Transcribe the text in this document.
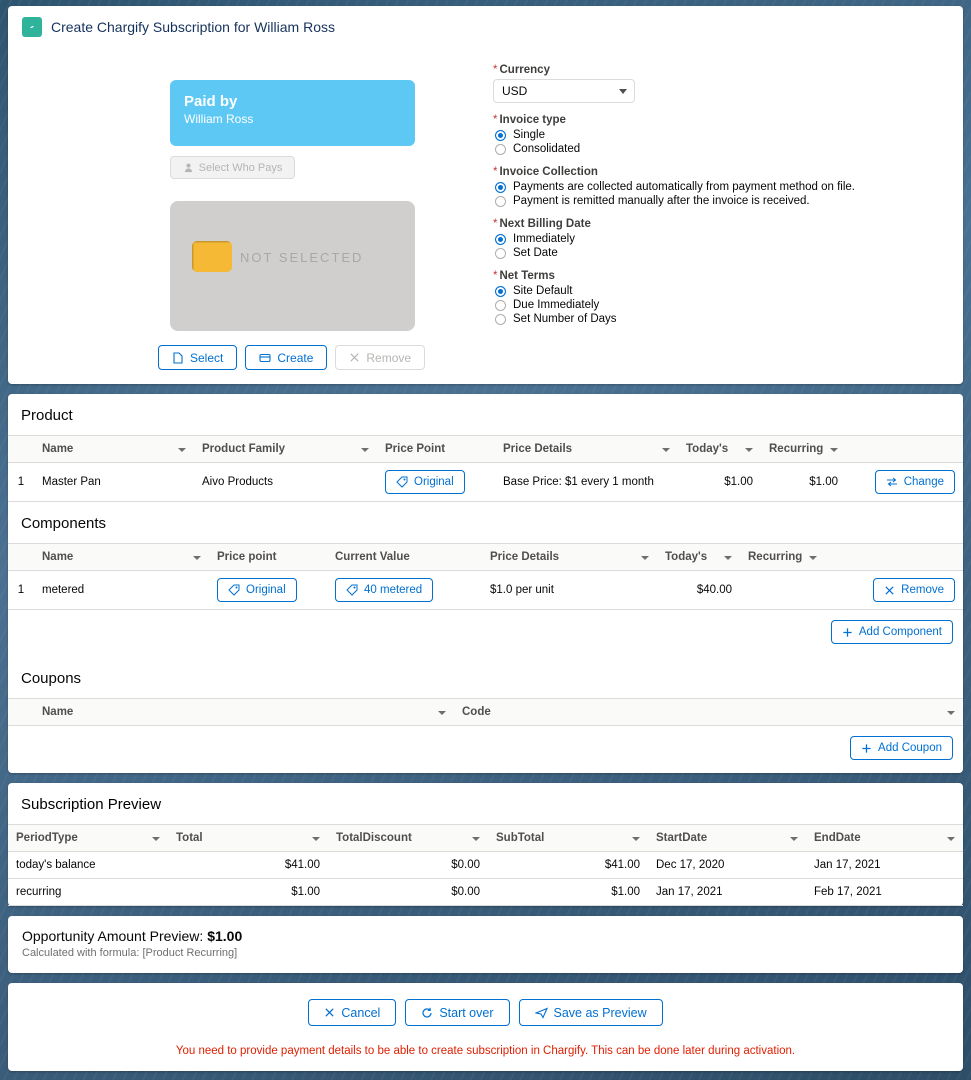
Create Chargify Subscription for William Ross
Paid by
William Ross
Select Who Pays
NOT SELECTED
Select	Create	Remove
* Currency
USD
* Invoice type
Single
Consolidated
* Invoice Collection
Payments are collected automatically from payment method on file.
Payment is remitted manually after the invoice is received.
* Next Billing Date
Immediately
Set Date
* Net Terms
Site Default
Due Immediately
Set Number of Days
Product
	Name	Product Family	Price Point	Price Details	Today's	Recurring

1	Master Pan	Aivo Products	Original	Base Price: $1 every 1 month	$1.00	$1.00	Change
Components
	Name	Price point	Current Value	Price Details	Today's	Recurring

1	metered	Original	40 metered	$1.0 per unit	$40.00		Remove
Add Component
Coupons
	Name	Code
Add Coupon
Subscription Preview
PeriodType	Total	TotalDiscount	SubTotal	StartDate	EndDate

today's balance	$41.00	$0.00	$41.00	Dec 17, 2020	Jan 17, 2021
recurring	$1.00	$0.00	$1.00	Jan 17, 2021	Feb 17, 2021
Opportunity Amount Preview: $1.00
Calculated with formula: [Product Recurring]
Cancel	Start over	Save as Preview
You need to provide payment details to be able to create subscription in Chargify. This can be done later during activation.
